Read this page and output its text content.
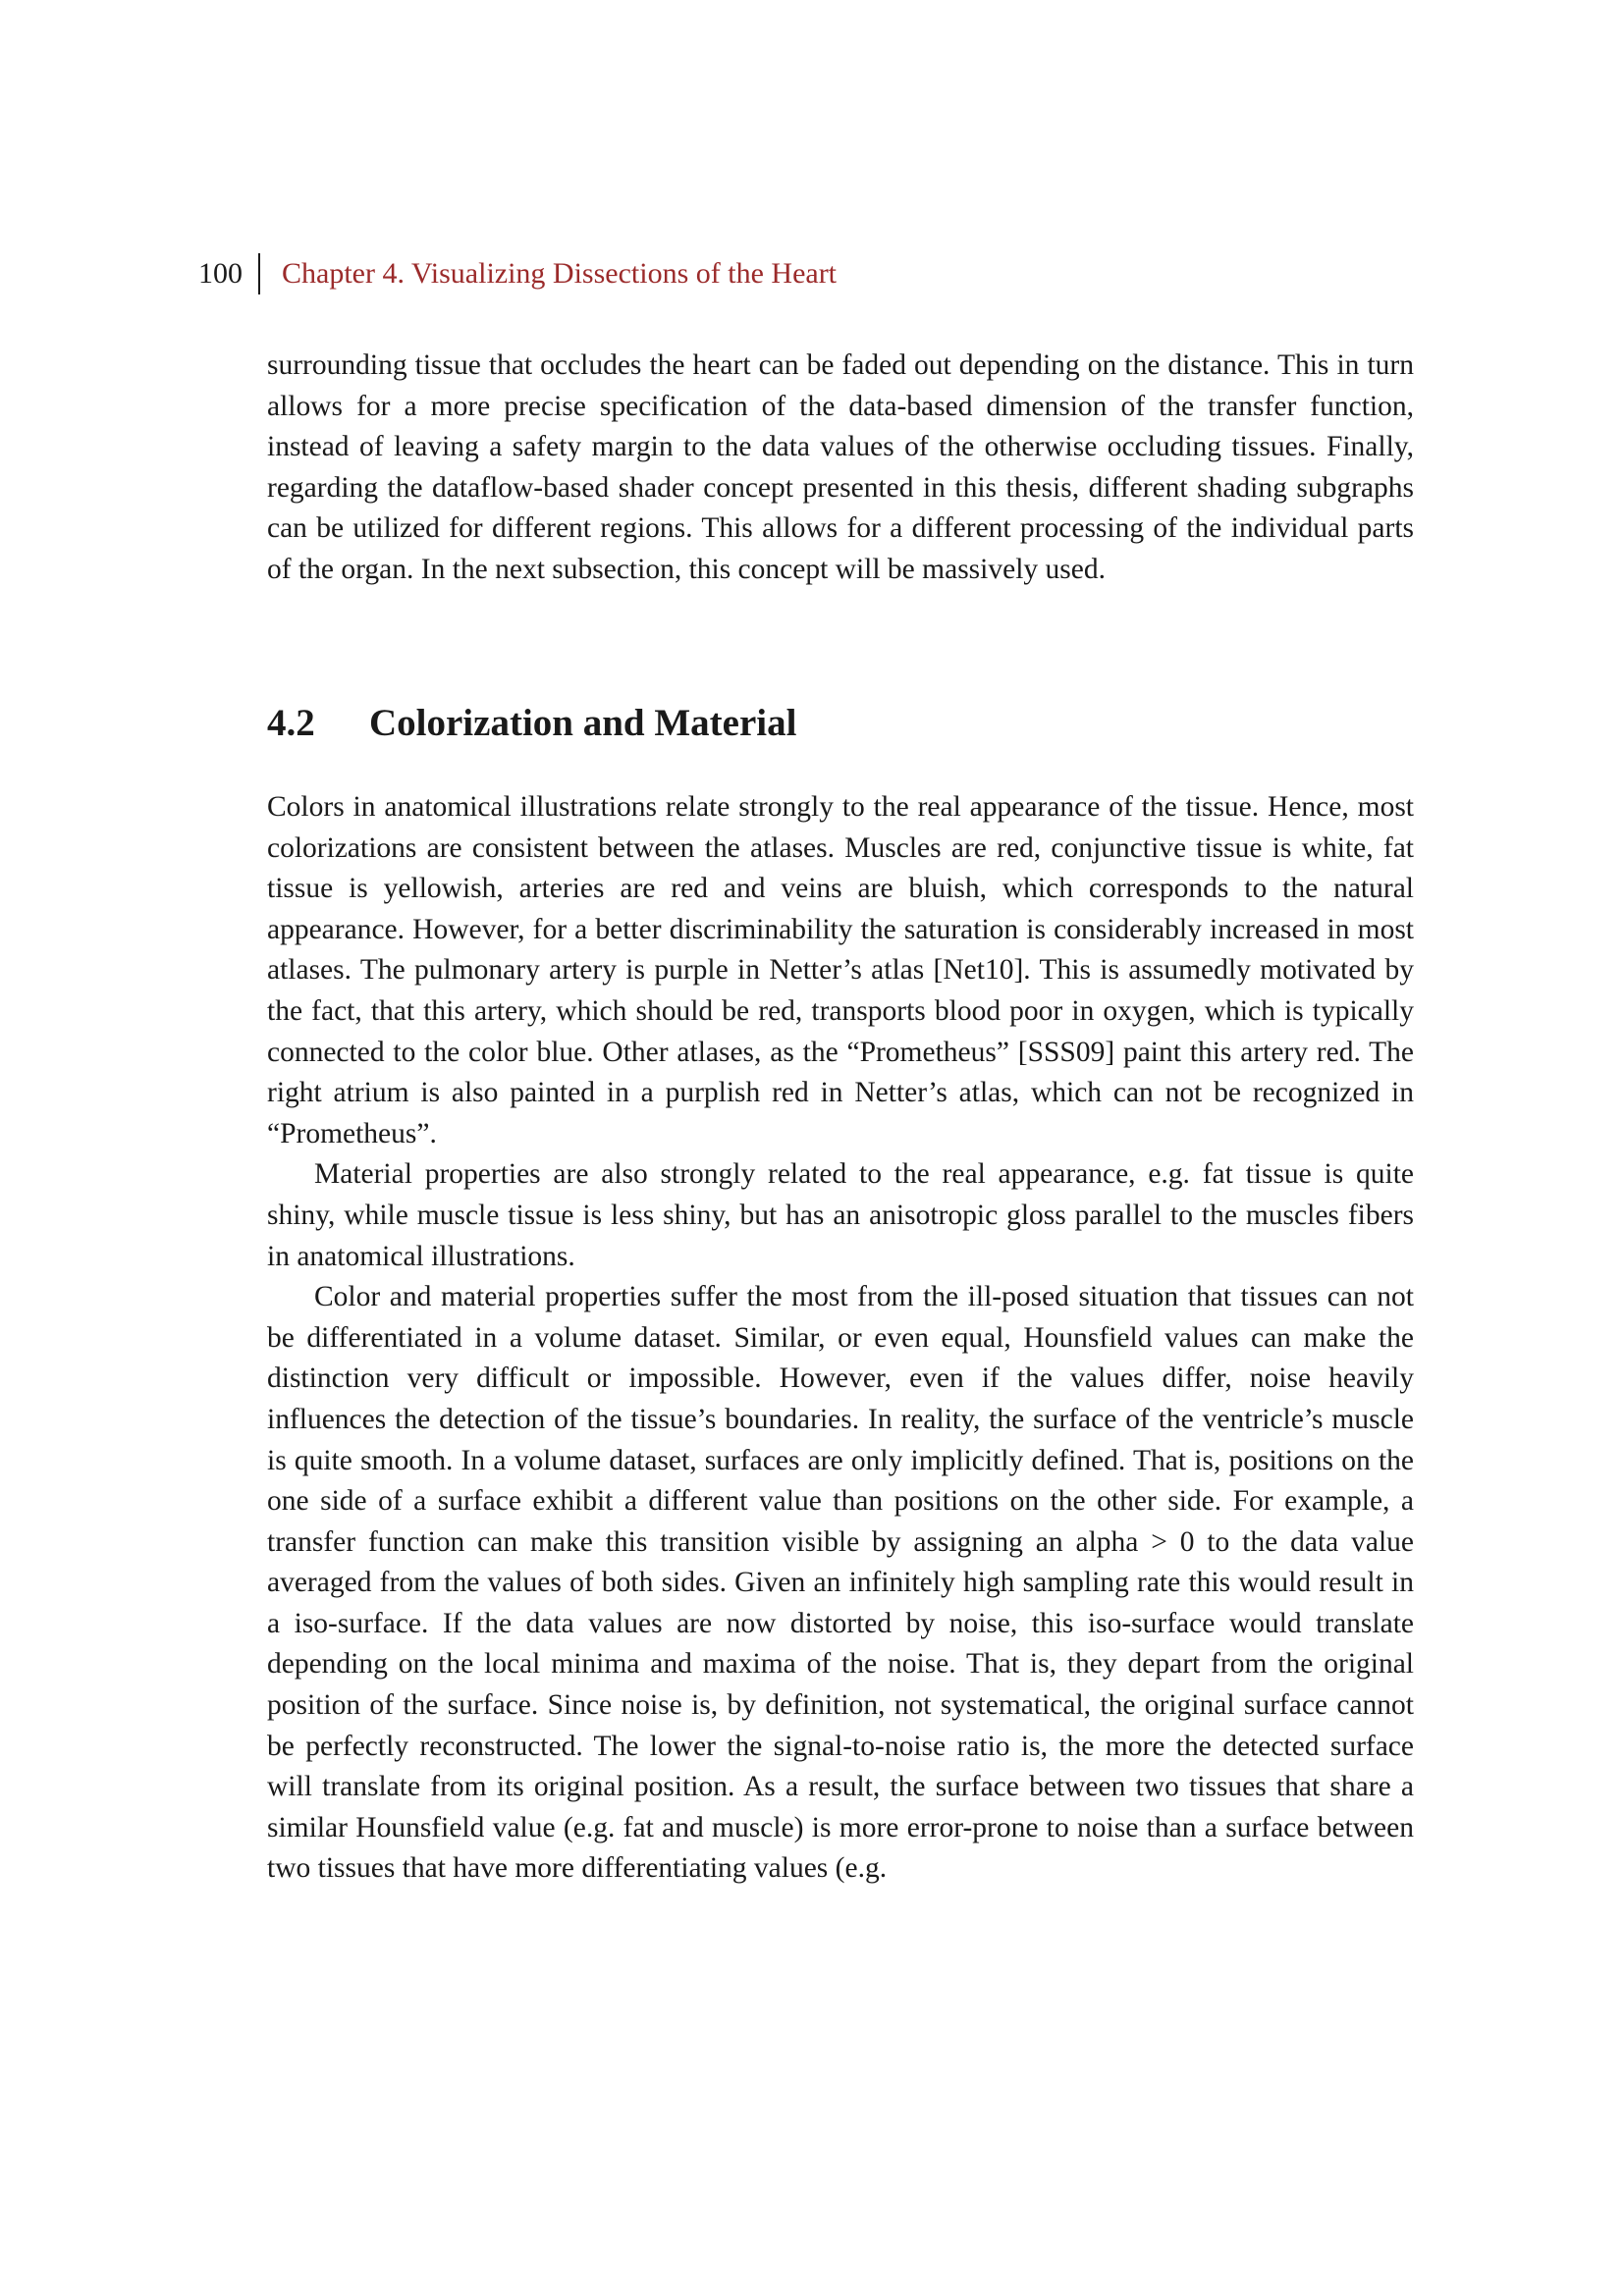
100 Chapter 4. Visualizing Dissections of the Heart

surrounding tissue that occludes the heart can be faded out depending on the distance. This in turn allows for a more precise specification of the data-based dimension of the transfer function, instead of leaving a safety margin to the data values of the otherwise occluding tissues. Finally, regarding the dataflow-based shader concept presented in this thesis, different shading subgraphs can be utilized for different regions. This allows for a different processing of the individual parts of the organ. In the next subsection, this concept will be massively used.

4.2 Colorization and Material

Colors in anatomical illustrations relate strongly to the real appearance of the tissue. Hence, most colorizations are consistent between the atlases. Muscles are red, conjunctive tissue is white, fat tissue is yellowish, arteries are red and veins are bluish, which corresponds to the natural appearance. However, for a better discriminability the saturation is considerably increased in most atlases. The pulmonary artery is purple in Netter’s atlas [Net10]. This is assumedly motivated by the fact, that this artery, which should be red, transports blood poor in oxygen, which is typically connected to the color blue. Other atlases, as the “Prometheus” [SSS09] paint this artery red. The right atrium is also painted in a purplish red in Netter’s atlas, which can not be recognized in “Prometheus”.

Material properties are also strongly related to the real appearance, e.g. fat tissue is quite shiny, while muscle tissue is less shiny, but has an anisotropic gloss parallel to the muscles fibers in anatomical illustrations.

Color and material properties suffer the most from the ill-posed situation that tissues can not be differentiated in a volume dataset. Similar, or even equal, Hounsfield values can make the distinction very difficult or impossible. However, even if the values differ, noise heavily influences the detection of the tissue’s boundaries. In reality, the surface of the ventricle’s muscle is quite smooth. In a volume dataset, surfaces are only implicitly defined. That is, positions on the one side of a surface exhibit a different value than positions on the other side. For example, a transfer function can make this transition visible by assigning an alpha > 0 to the data value averaged from the values of both sides. Given an infinitely high sampling rate this would result in a iso-surface. If the data values are now distorted by noise, this iso-surface would translate depending on the local minima and maxima of the noise. That is, they depart from the original position of the surface. Since noise is, by definition, not systematical, the original surface cannot be perfectly reconstructed. The lower the signal-to-noise ratio is, the more the detected surface will translate from its original position. As a result, the surface between two tissues that share a similar Hounsfield value (e.g. fat and muscle) is more error-prone to noise than a surface between two tissues that have more differentiating values (e.g.
